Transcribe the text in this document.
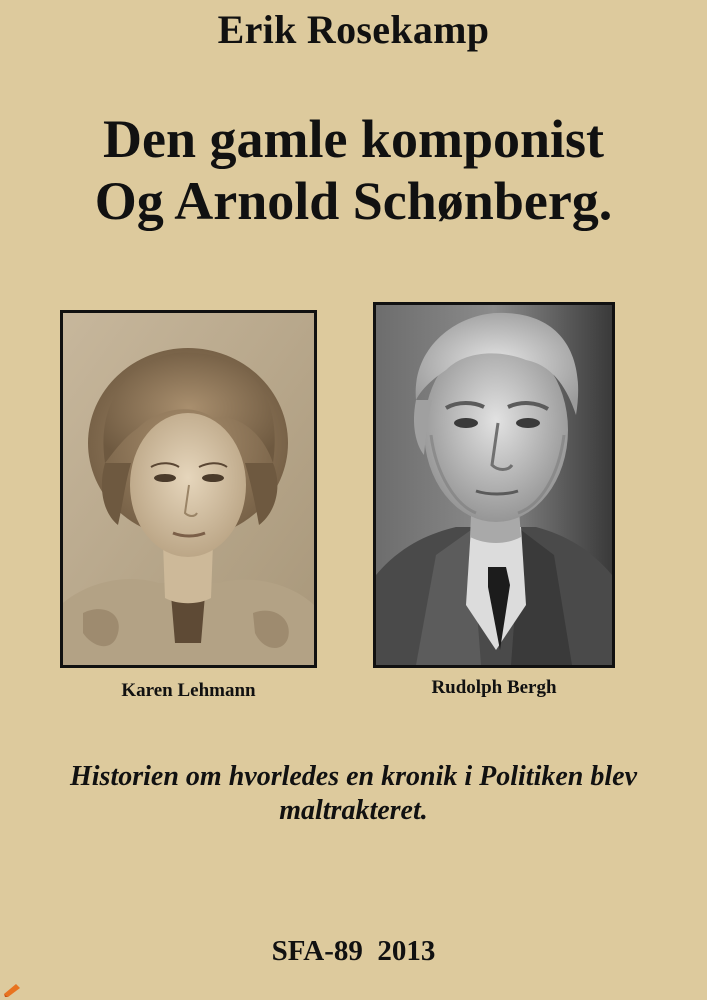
Erik Rosekamp
Den gamle komponist
Og Arnold Schønberg.
Karen Lehmann	Rudolph Bergh
Historien om hvorledes en kronik i Politiken blev
maltrakteret.
SFA-89  2013
